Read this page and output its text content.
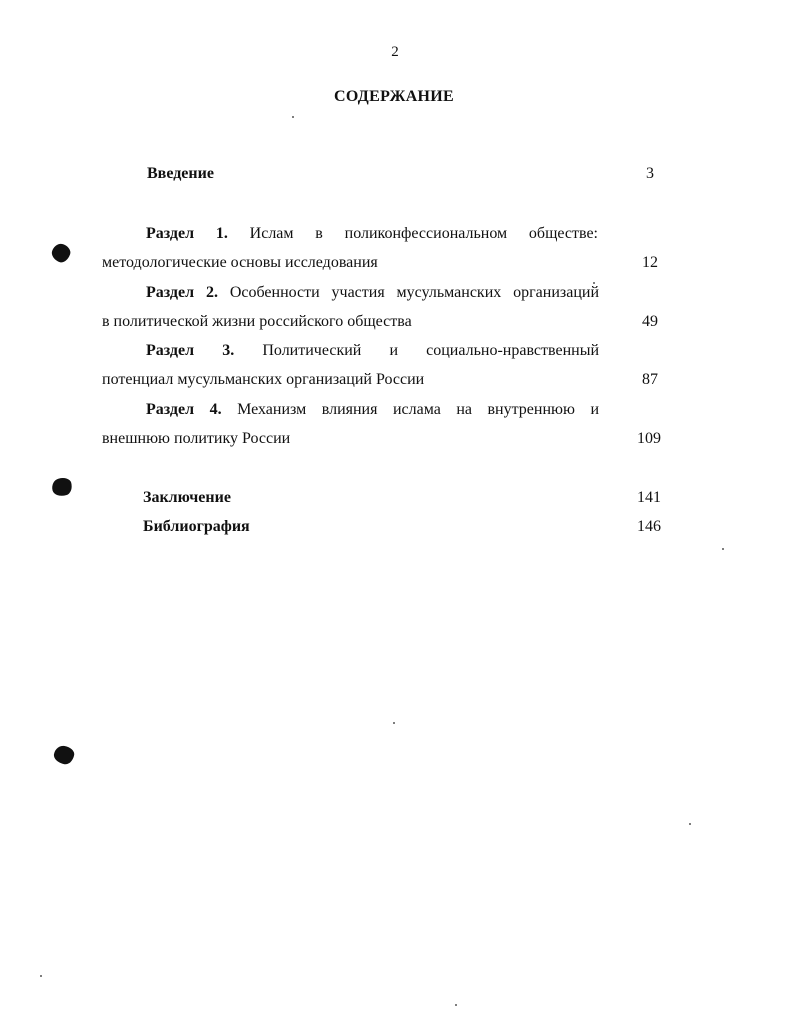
2
СОДЕРЖАНИЕ
Введение	3
Раздел 1. Ислам в поликонфессиональном обществе:
методологические основы исследования	12
Раздел 2. Особенности участия мусульманских организаций
в политической жизни российского общества	49
Раздел 3. Политический и социально-нравственный
потенциал мусульманских организаций России	87
Раздел 4. Механизм влияния ислама на внутреннюю и
внешнюю политику России	109
Заключение	141
Библиография	146
